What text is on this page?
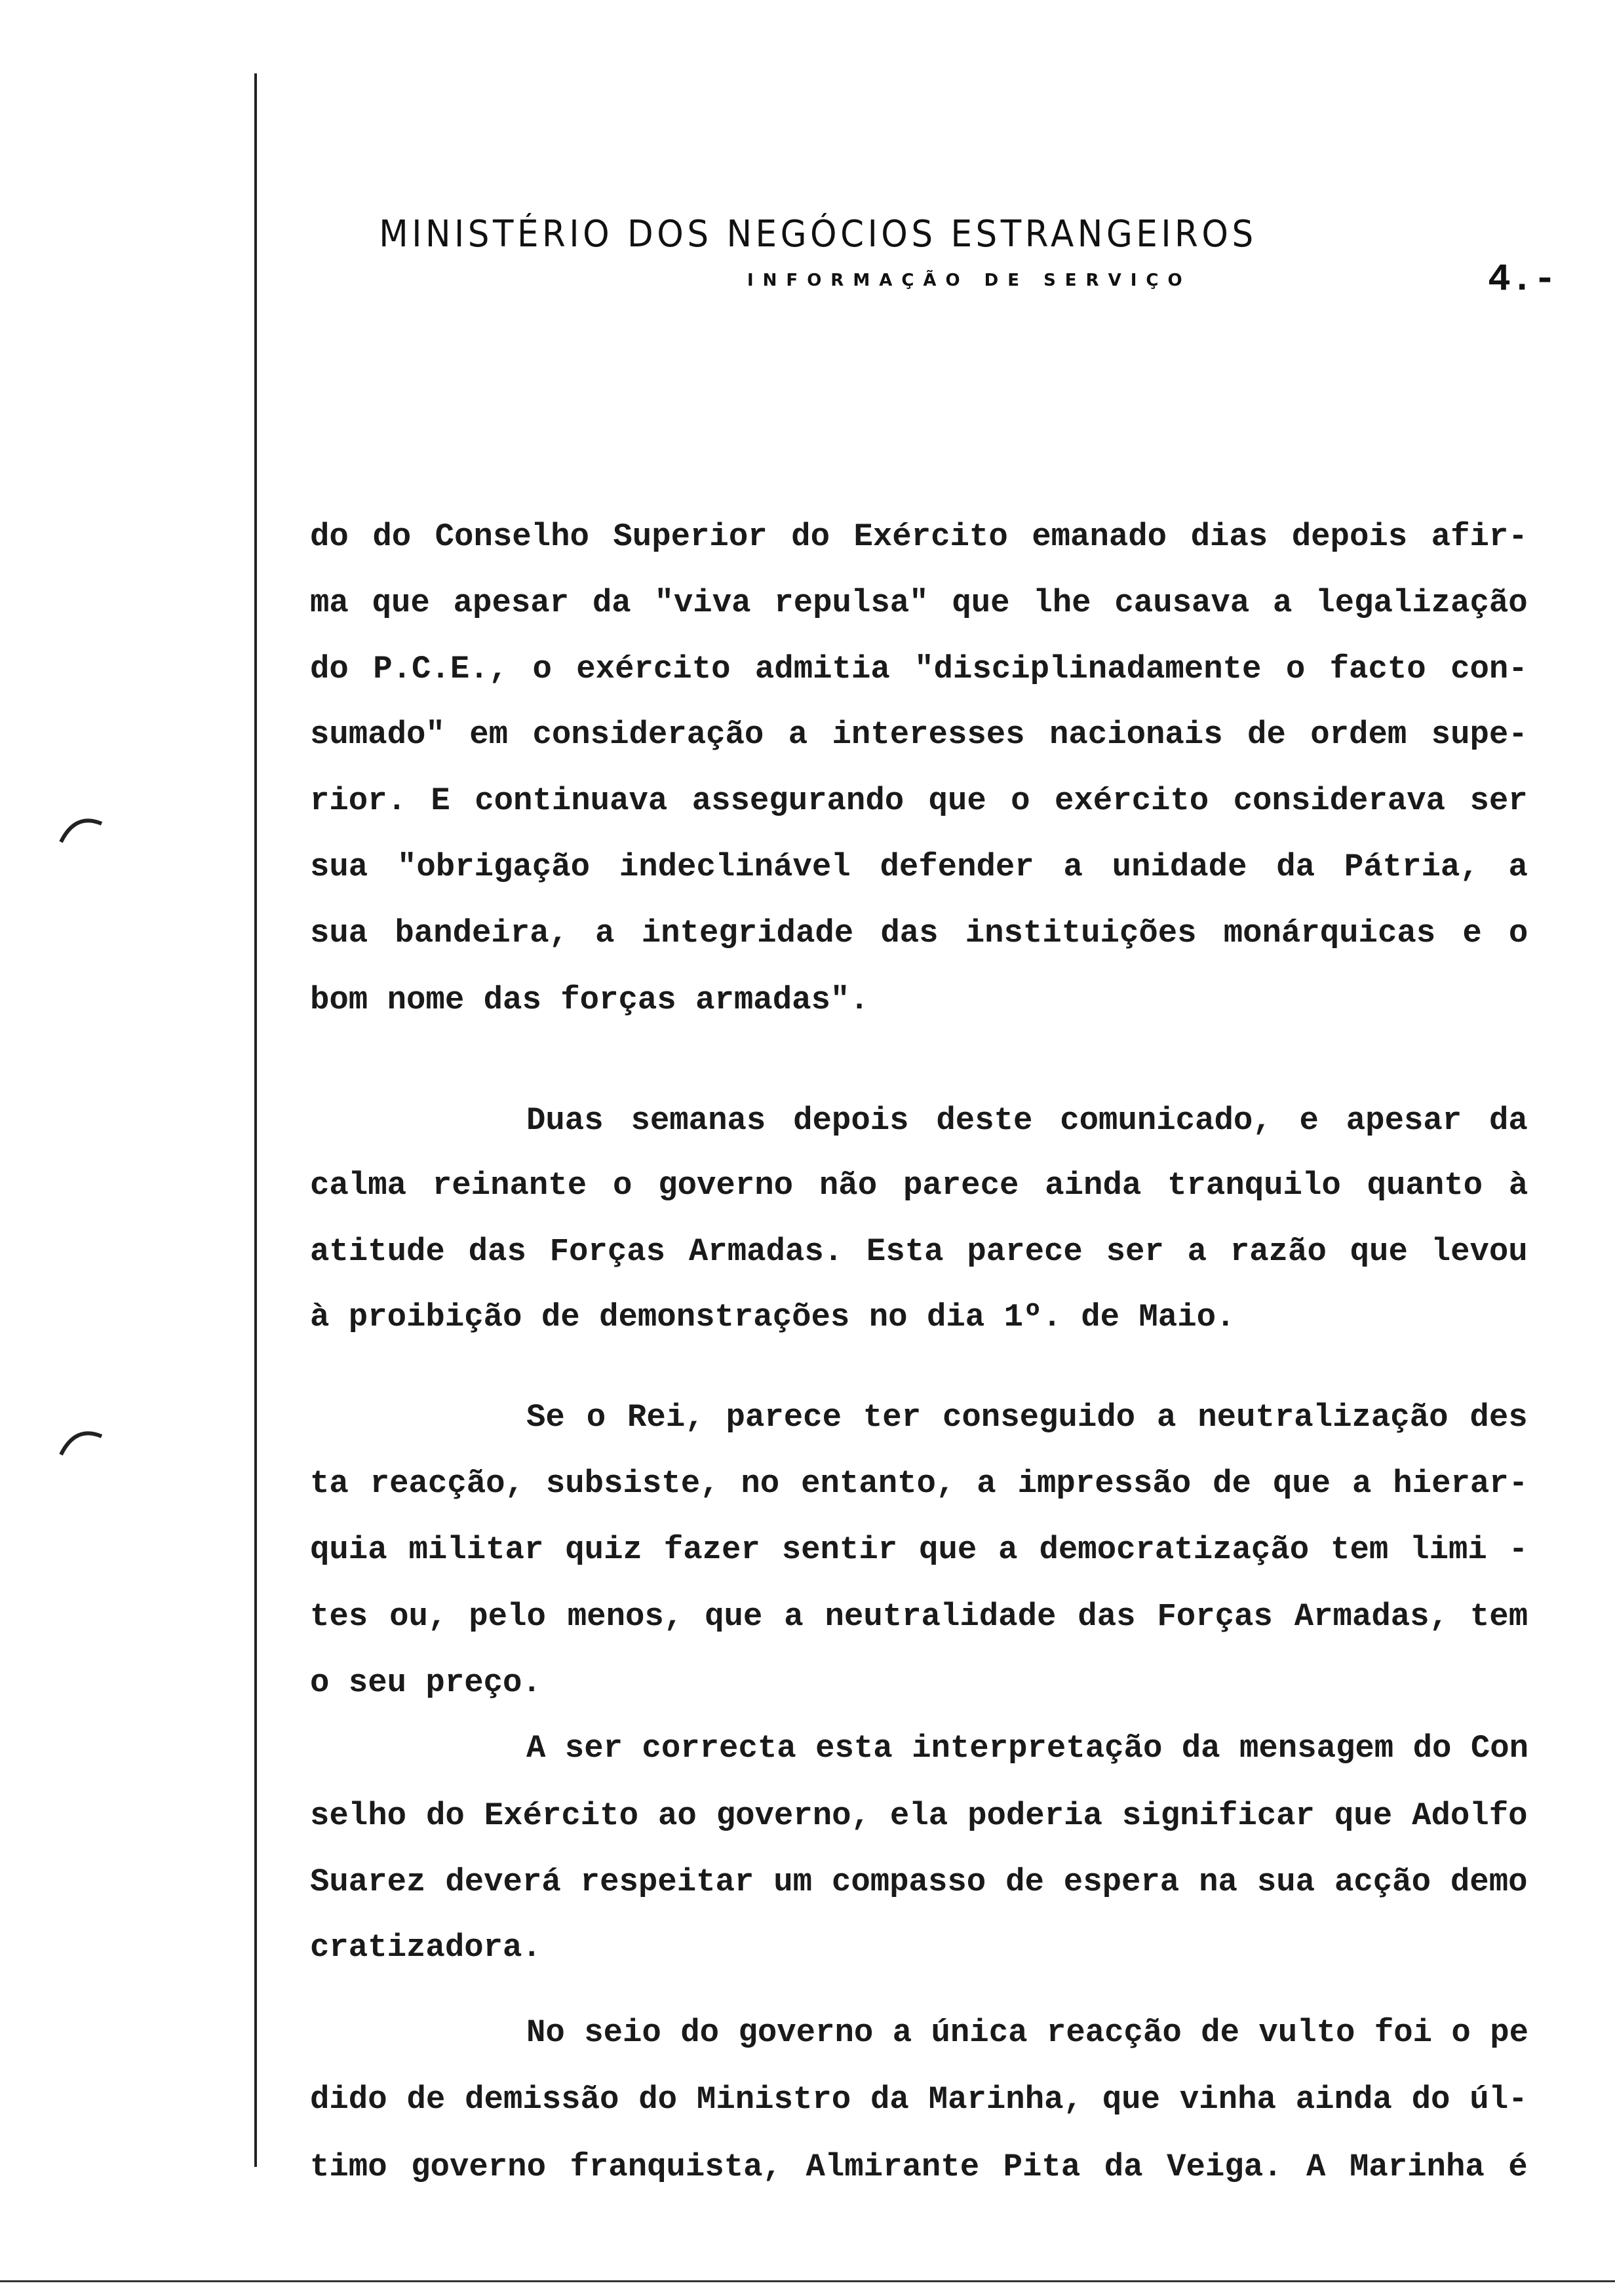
MINISTÉRIO DOS NEGÓCIOS ESTRANGEIROS
INFORMAÇÃO DE SERVIÇO	4.-
do do Conselho Superior do Exército emanado dias depois afir-
ma que apesar da "viva repulsa" que lhe causava a legalização
do P.C.E., o exército admitia "disciplinadamente o facto con-
sumado" em consideração a interesses nacionais de ordem supe-
rior. E continuava assegurando que o exército considerava ser
sua "obrigação indeclinável defender a unidade da Pátria, a
sua bandeira, a integridade das instituições monárquicas e o
bom nome das forças armadas".
Duas semanas depois deste comunicado, e apesar da
calma reinante o governo não parece ainda tranquilo quanto à
atitude das Forças Armadas. Esta parece ser a razão que levou
à proibição de demonstrações no dia 1º. de Maio.
Se o Rei, parece ter conseguido a neutralização des
ta reacção, subsiste, no entanto, a impressão de que a hierar-
quia militar quiz fazer sentir que a democratização tem limi -
tes ou, pelo menos, que a neutralidade das Forças Armadas, tem
o seu preço.
A ser correcta esta interpretação da mensagem do Con
selho do Exército ao governo, ela poderia significar que Adolfo
Suarez deverá respeitar um compasso de espera na sua acção demo
cratizadora.
No seio do governo a única reacção de vulto foi o pe
dido de demissão do Ministro da Marinha, que vinha ainda do úl-
timo governo franquista, Almirante Pita da Veiga. A Marinha é
